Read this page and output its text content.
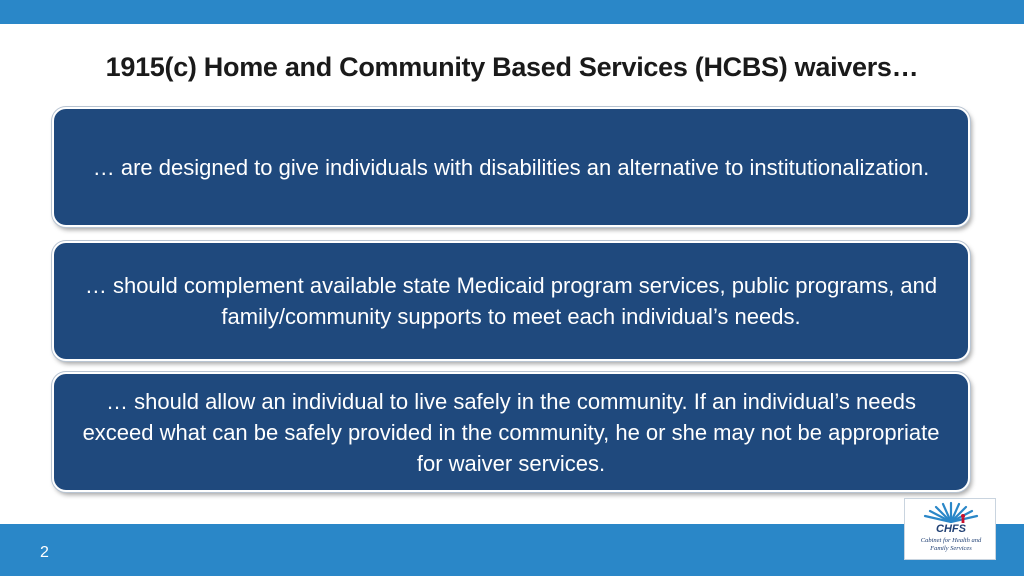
1915(c) Home and Community Based Services (HCBS) waivers…
… are designed to give individuals with disabilities an alternative to institutionalization.
… should complement available state Medicaid program services, public programs, and family/community supports to meet each individual’s needs.
… should allow an individual to live safely in the community. If an individual’s needs exceed what can be safely provided in the community, he or she may not be appropriate for waiver services.
2
CHFS
Cabinet for Health and
Family Services
